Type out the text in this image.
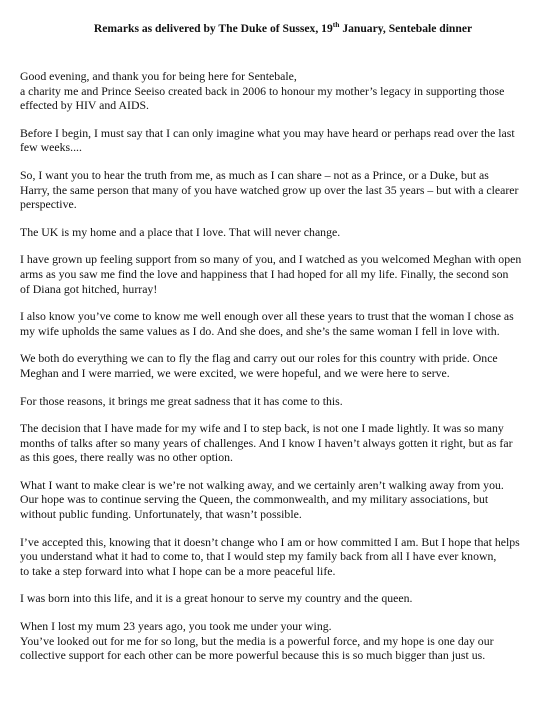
Remarks as delivered by The Duke of Sussex, 19th January, Sentebale dinner
Good evening, and thank you for being here for Sentebale,
a charity me and Prince Seeiso created back in 2006 to honour my mother’s legacy in supporting those
effected by HIV and AIDS.
Before I begin, I must say that I can only imagine what you may have heard or perhaps read over the last
few weeks....
So, I want you to hear the truth from me, as much as I can share – not as a Prince, or a Duke, but as
Harry, the same person that many of you have watched grow up over the last 35 years – but with a clearer
perspective.
The UK is my home and a place that I love. That will never change.
I have grown up feeling support from so many of you, and I watched as you welcomed Meghan with open
arms as you saw me find the love and happiness that I had hoped for all my life. Finally, the second son
of Diana got hitched, hurray!
I also know you’ve come to know me well enough over all these years to trust that the woman I chose as
my wife upholds the same values as I do. And she does, and she’s the same woman I fell in love with.
We both do everything we can to fly the flag and carry out our roles for this country with pride. Once
Meghan and I were married, we were excited, we were hopeful, and we were here to serve.
For those reasons, it brings me great sadness that it has come to this.
The decision that I have made for my wife and I to step back, is not one I made lightly. It was so many
months of talks after so many years of challenges. And I know I haven’t always gotten it right, but as far
as this goes, there really was no other option.
What I want to make clear is we’re not walking away, and we certainly aren’t walking away from you.
Our hope was to continue serving the Queen, the commonwealth, and my military associations, but
without public funding. Unfortunately, that wasn’t possible.
I’ve accepted this, knowing that it doesn’t change who I am or how committed I am. But I hope that helps
you understand what it had to come to, that I would step my family back from all I have ever known,
to take a step forward into what I hope can be a more peaceful life.
I was born into this life, and it is a great honour to serve my country and the queen.
When I lost my mum 23 years ago, you took me under your wing.
You’ve looked out for me for so long, but the media is a powerful force, and my hope is one day our
collective support for each other can be more powerful because this is so much bigger than just us.
